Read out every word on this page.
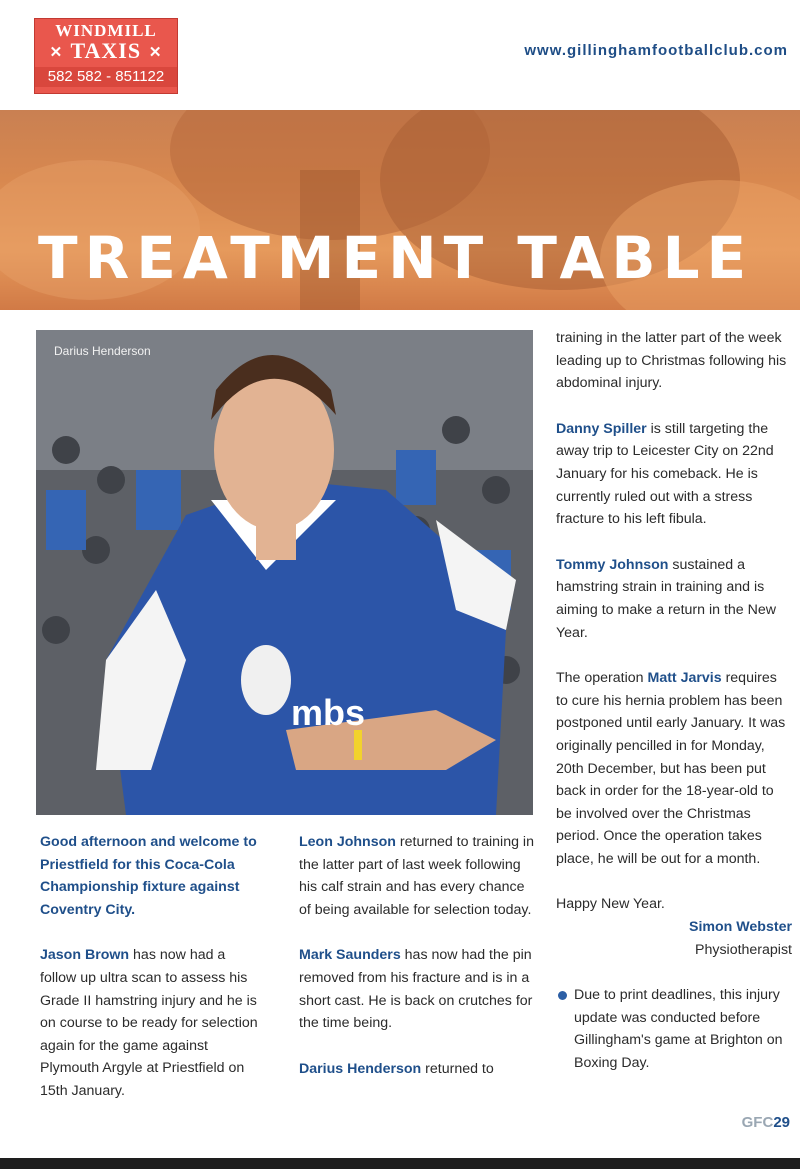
WINDMILL
✕ TAXIS ✕
582 582 - 851122
www.gillinghamfootballclub.com
TREATMENT TABLE
mbs
Darius Henderson

Good afternoon and welcome to Priestfield for this Coca-Cola Championship fixture against Coventry City.

Jason Brown has now had a follow up ultra scan to assess his Grade II hamstring injury and he is on course to be ready for selection again for the game against Plymouth Argyle at Priestfield on 15th January.

Leon Johnson returned to training in the latter part of last week following his calf strain and has every chance of being available for selection today.

Mark Saunders has now had the pin removed from his fracture and is in a short cast. He is back on crutches for the time being.

Darius Henderson returned to

training in the latter part of the week leading up to Christmas following his abdominal injury.

Danny Spiller is still targeting the away trip to Leicester City on 22nd January for his comeback. He is currently ruled out with a stress fracture to his left fibula.

Tommy Johnson sustained a hamstring strain in training and is aiming to make a return in the New Year.

The operation Matt Jarvis requires to cure his hernia problem has been postponed until early January. It was originally pencilled in for Monday, 20th December, but has been put back in order for the 18-year-old to be involved over the Christmas period. Once the operation takes place, he will be out for a month.

Happy New Year.

Simon Webster
Physiotherapist
Due to print deadlines, this injury update was conducted before Gillingham's game at Brighton on Boxing Day.
GFC29
